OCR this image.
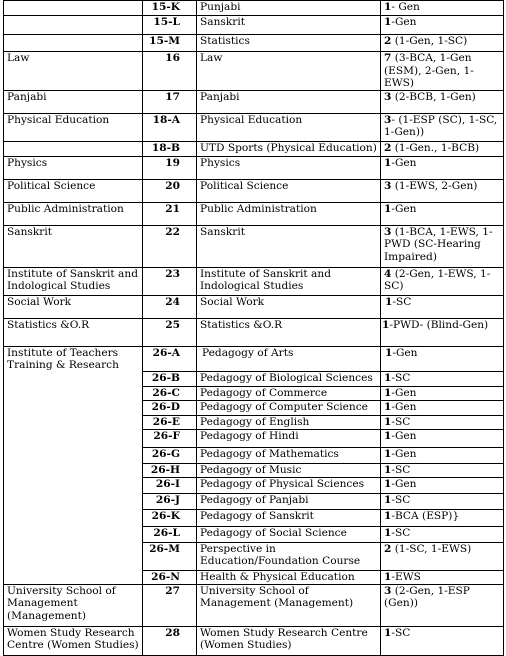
	15-K	Punjabi	1- Gen
	15-L	Sanskrit	1-Gen
	15-M	Statistics	2 (1-Gen, 1-SC)
Law	16	Law	7 (3-BCA, 1-Gen (ESM), 2-Gen, 1-EWS)
Panjabi	17	Panjabi	3 (2-BCB, 1-Gen)
Physical Education	18-A	Physical Education	3- (1-ESP (SC), 1-SC, 1-Gen))
	18-B	UTD Sports (Physical Education)	2 (1-Gen., 1-BCB)
Physics	19	Physics	1-Gen
Political Science	20	Political Science	3 (1-EWS, 2-Gen)
Public Administration	21	Public Administration	1-Gen
Sanskrit	22	Sanskrit	3 (1-BCA, 1-EWS, 1-PWD (SC-Hearing Impaired)
Institute of Sanskrit and Indological Studies	23	Institute of Sanskrit and Indological Studies	4 (2-Gen, 1-EWS, 1-SC)
Social Work	24	Social Work	1-SC
Statistics &O.R	25	Statistics &O.R	1-PWD- (Blind-Gen)
Institute of Teachers Training & Research	26-A	Pedagogy of Arts	1-Gen
	26-B	Pedagogy of Biological Sciences	1-SC
	26-C	Pedagogy of Commerce	1-Gen
	26-D	Pedagogy of Computer Science	1-Gen
	26-E	Pedagogy of English	1-SC
	26-F	Pedagogy of Hindi	1-Gen
	26-G	Pedagogy of Mathematics	1-Gen
	26-H	Pedagogy of Music	1-SC
	26-I	Pedagogy of Physical Sciences	1-Gen
	26-J	Pedagogy of Panjabi	1-SC
	26-K	Pedagogy of Sanskrit	1-BCA (ESP)}
	26-L	Pedagogy of Social Science	1-SC
	26-M	Perspective in Education/Foundation Course	2 (1-SC, 1-EWS)
	26-N	Health & Physical Education	1-EWS
University School of Management (Management)	27	University School of Management (Management)	3 (2-Gen, 1-ESP (Gen))
Women Study Research Centre (Women Studies)	28	Women Study Research Centre (Women Studies)	1-SC
